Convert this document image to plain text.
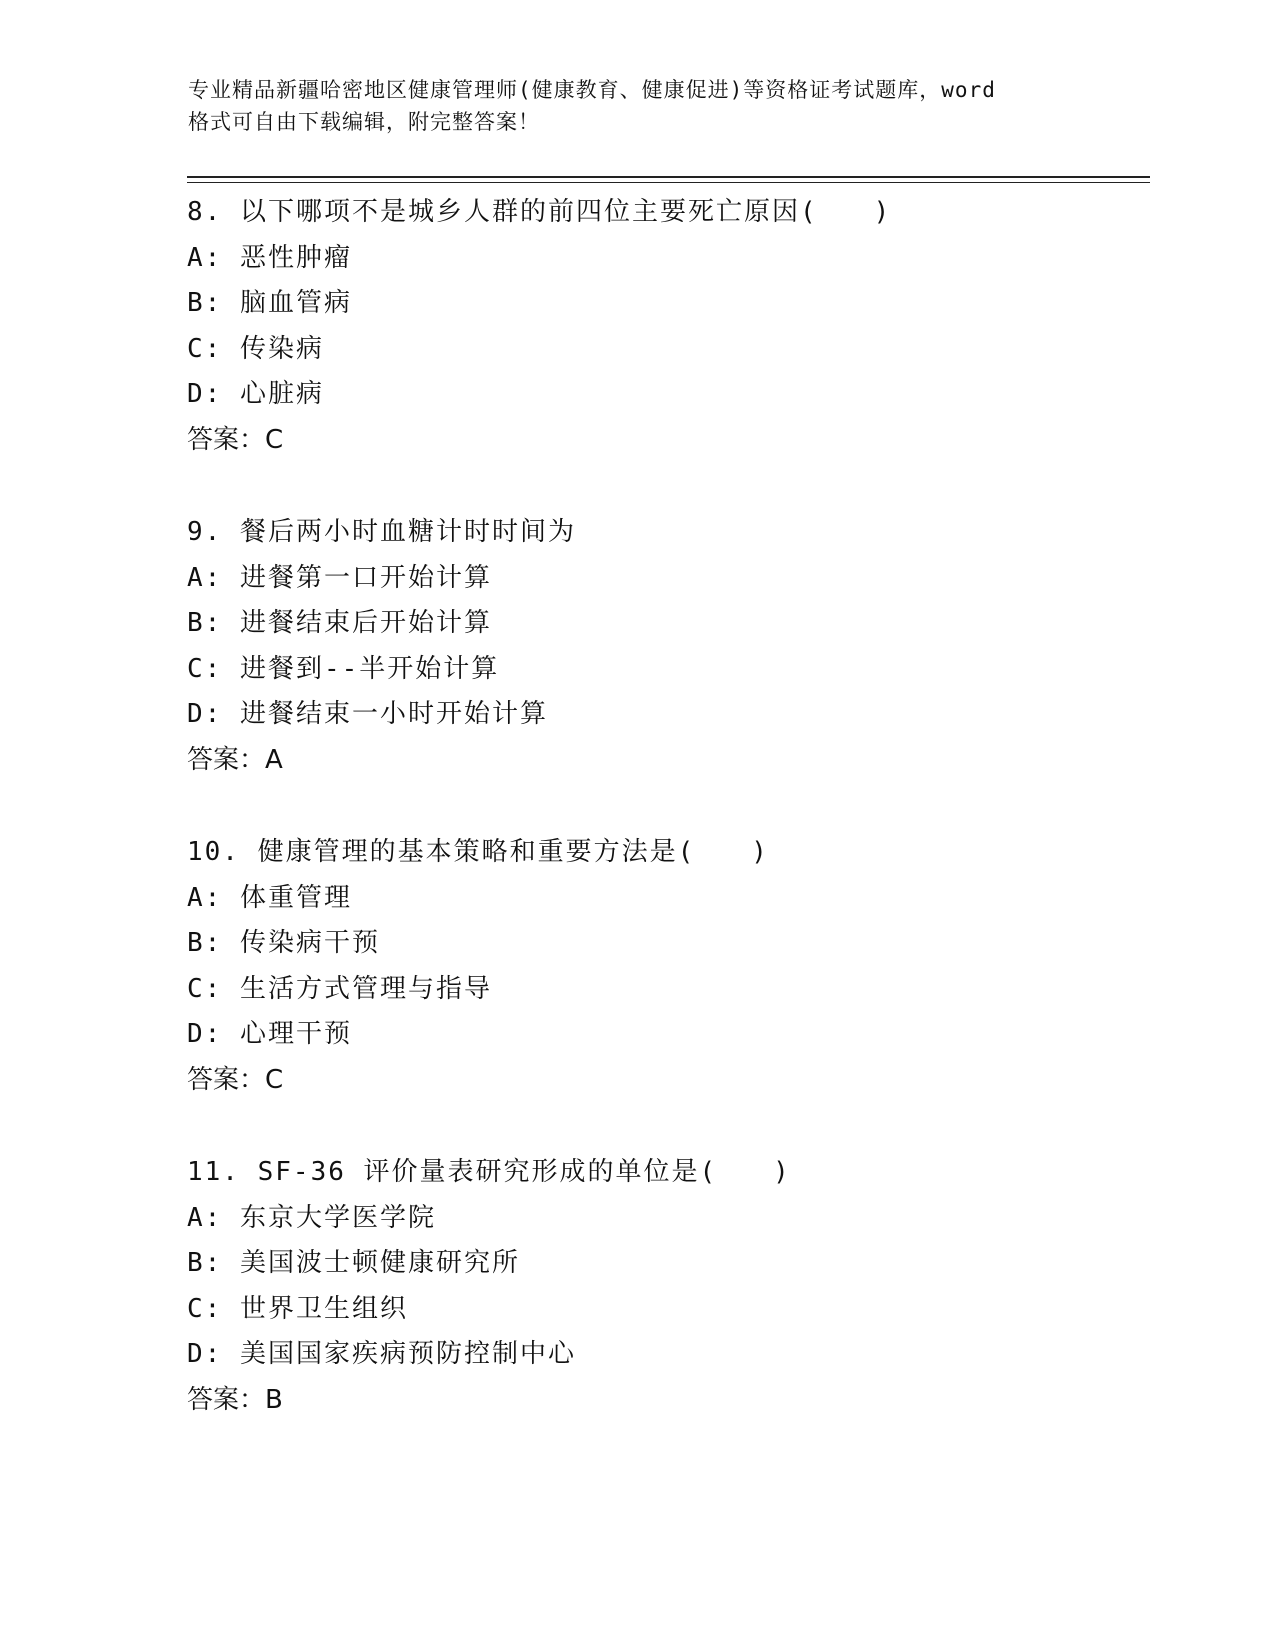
专业精品新疆哈密地区健康管理师(健康教育、健康促进)等资格证考试题库，word
格式可自由下载编辑，附完整答案！
8. 以下哪项不是城乡人群的前四位主要死亡原因(　　)
A: 恶性肿瘤
B: 脑血管病
C: 传染病
D: 心脏病
答案：C
9. 餐后两小时血糖计时时间为
A: 进餐第一口开始计算
B: 进餐结束后开始计算
C: 进餐到--半开始计算
D: 进餐结束一小时开始计算
答案：A
10. 健康管理的基本策略和重要方法是(　　)
A: 体重管理
B: 传染病干预
C: 生活方式管理与指导
D: 心理干预
答案：C
11. SF-36 评价量表研究形成的单位是(　　)
A: 东京大学医学院
B: 美国波士顿健康研究所
C: 世界卫生组织
D: 美国国家疾病预防控制中心
答案：B
